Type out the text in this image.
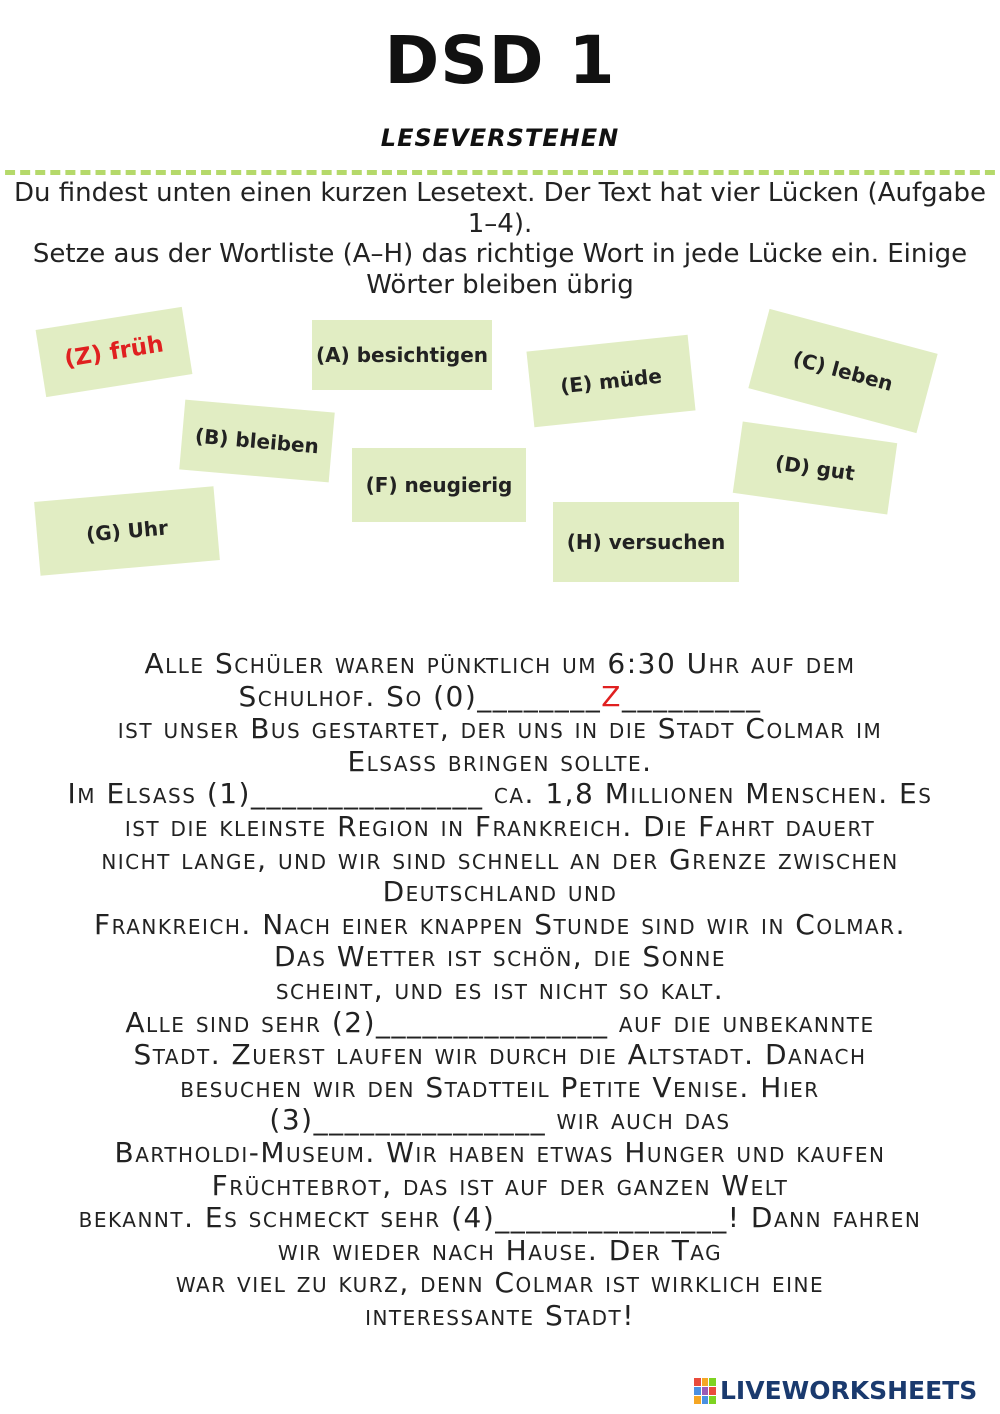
DSD 1
LESEVERSTEHEN

Du findest unten einen kurzen Lesetext. Der Text hat vier Lücken (Aufgabe 1–4).

Setze aus der Wortliste (A–H) das richtige Wort in jede Lücke ein. Einige Wörter bleiben übrig

(Z) früh	(A) besichtigen
(E) müde	(C) leben
(B) bleiben
(F) neugierig	(D) gut
(G) Uhr	(H) versuchen
Alle Schüler waren pünktlich um 6:30 Uhr auf dem
Schulhof. So (0)________Z_________
ist unser Bus gestartet, der uns in die Stadt Colmar im
Elsass bringen sollte.
Im Elsass (1)_______________ ca. 1,8 Millionen Menschen. Es
ist die kleinste Region in Frankreich. Die Fahrt dauert
nicht lange, und wir sind schnell an der Grenze zwischen
Deutschland und
Frankreich. Nach einer knappen Stunde sind wir in Colmar.
Das Wetter ist schön, die Sonne
scheint, und es ist nicht so kalt.
Alle sind sehr (2)_______________ auf die unbekannte
Stadt. Zuerst laufen wir durch die Altstadt. Danach
besuchen wir den Stadtteil Petite Venise. Hier
(3)_______________ wir auch das
Bartholdi-Museum. Wir haben etwas Hunger und kaufen
Früchtebrot, das ist auf der ganzen Welt
bekannt. Es schmeckt sehr (4)_______________! Dann fahren
wir wieder nach Hause. Der Tag
war viel zu kurz, denn Colmar ist wirklich eine
interessante Stadt!
LIVEWORKSHEETS
